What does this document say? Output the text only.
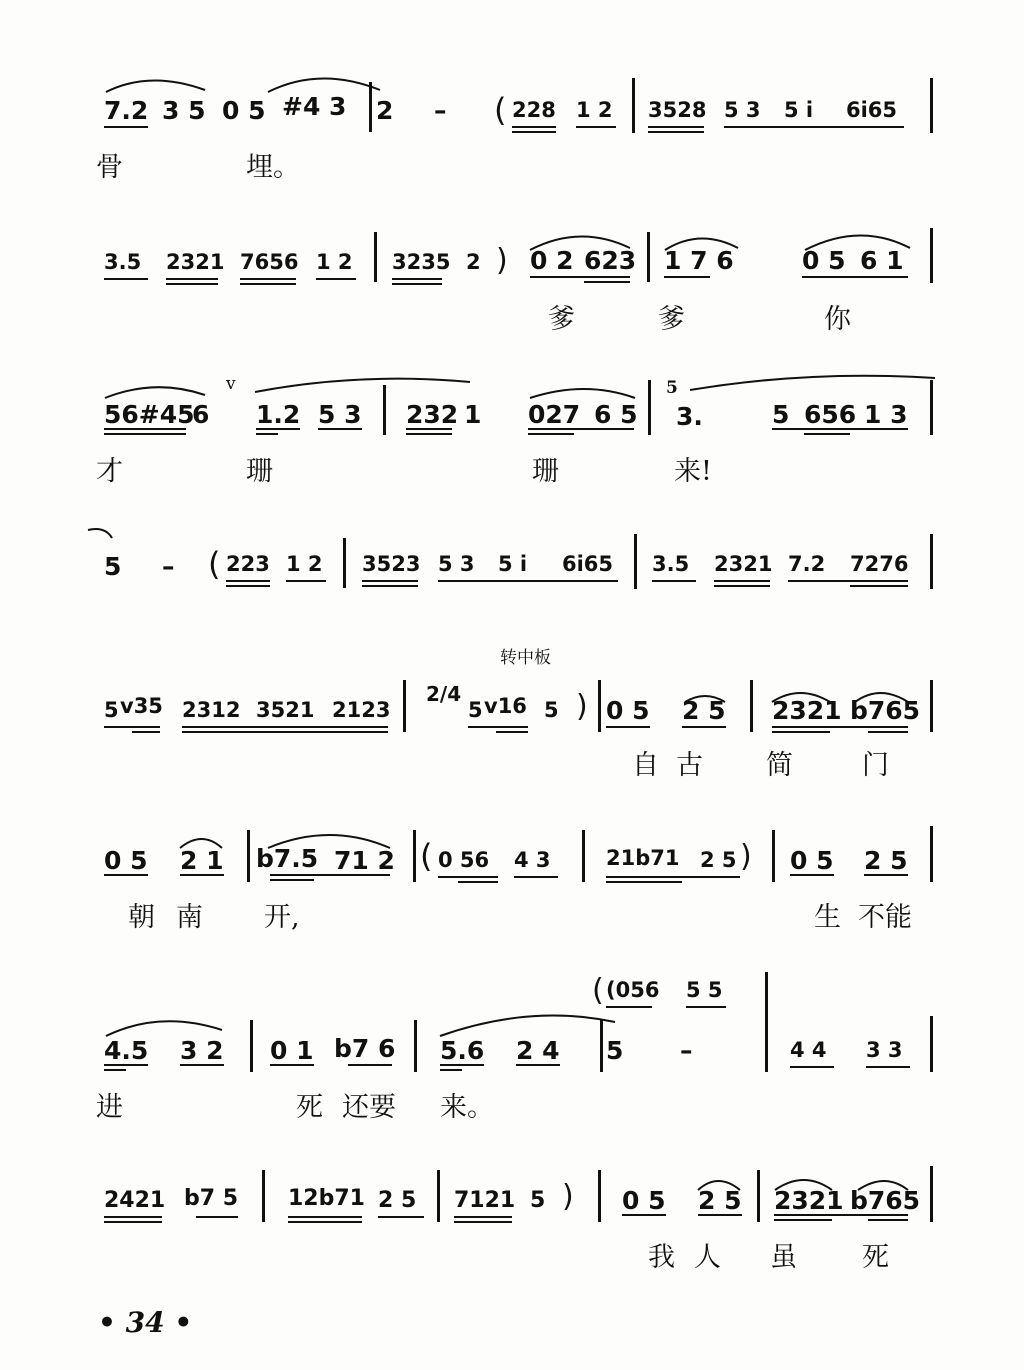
7.2 3 5 0 5 #4 3 2 – ( 228 1 2 3528 5 3 5 i 6i65
骨	埋。
3.5 2321 7656 1 2 3235 2 ) 0 2 623 1 7 6	0 5 6 1
爹	爹	你
56#45
6
v
1.2 5 3 232 1 027 6 5
5
3.	5 656 1 3
才	珊	珊	来!
5 – ( 223 1 2 3523 5 3 5 i 6i65 3.5 2321 7.2 7276
转中板
5 v35 2312 3521 2123
2/4
5 v16 5 ) 0 5 2 5 2321 b765
自 古 简	门
0 5 2 1 b7.5 71 2 ( 0 56 4 3	21b71 2 5 ) 0 5 2 5
朝 南 开,	生 不能
( (056 5 5
4.5 3 2 0 1 b7 6 5.6 2 4 5 –	4 4 3 3
进	死 还要 来。
2421 b7 5 12b71 2 5 7121 5 ) 0 5 2 5 2321 b765
我 人 虽 死
• 34 •
